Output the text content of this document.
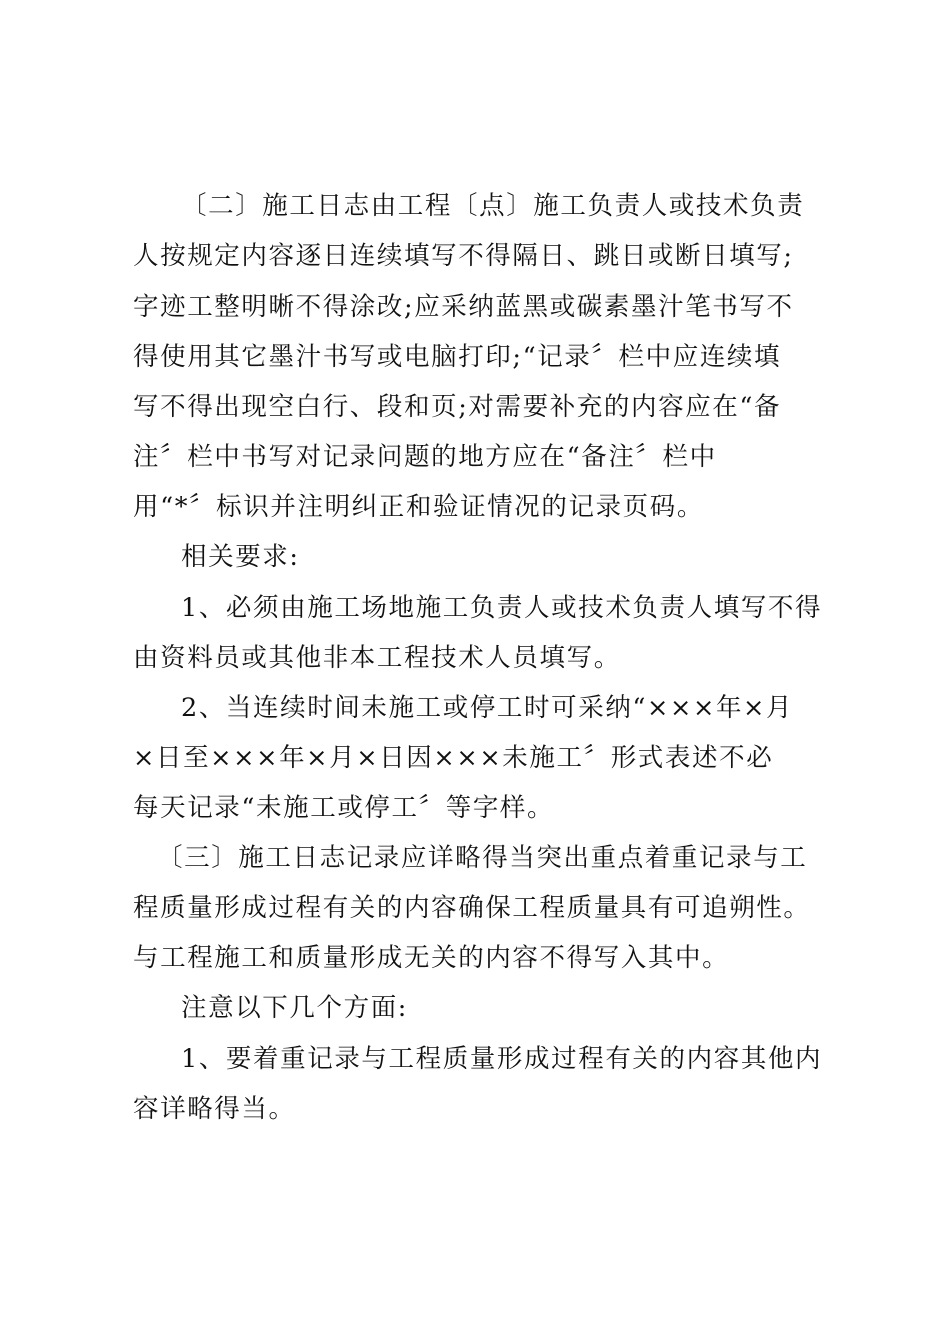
〔二〕施工日志由工程〔点〕施工负责人或技术负责
人按规定内容逐日连续填写不得隔日、跳日或断日填写;
字迹工整明晰不得涂改;应采纳蓝黑或碳素墨汁笔书写不
得使用其它墨汁书写或电脑打印;“记录〞栏中应连续填
写不得出现空白行、段和页;对需要补充的内容应在“备
注〞栏中书写对记录问题的地方应在“备注〞栏中
用“*〞标识并注明纠正和验证情况的记录页码。
相关要求:
1、必须由施工场地施工负责人或技术负责人填写不得
由资料员或其他非本工程技术人员填写。
2、当连续时间未施工或停工时可采纳“×××年×月
×日至×××年×月×日因×××未施工〞形式表述不必
每天记录“未施工或停工〞等字样。
〔三〕施工日志记录应详略得当突出重点着重记录与工
程质量形成过程有关的内容确保工程质量具有可追朔性。
与工程施工和质量形成无关的内容不得写入其中。
注意以下几个方面:
1、要着重记录与工程质量形成过程有关的内容其他内
容详略得当。
